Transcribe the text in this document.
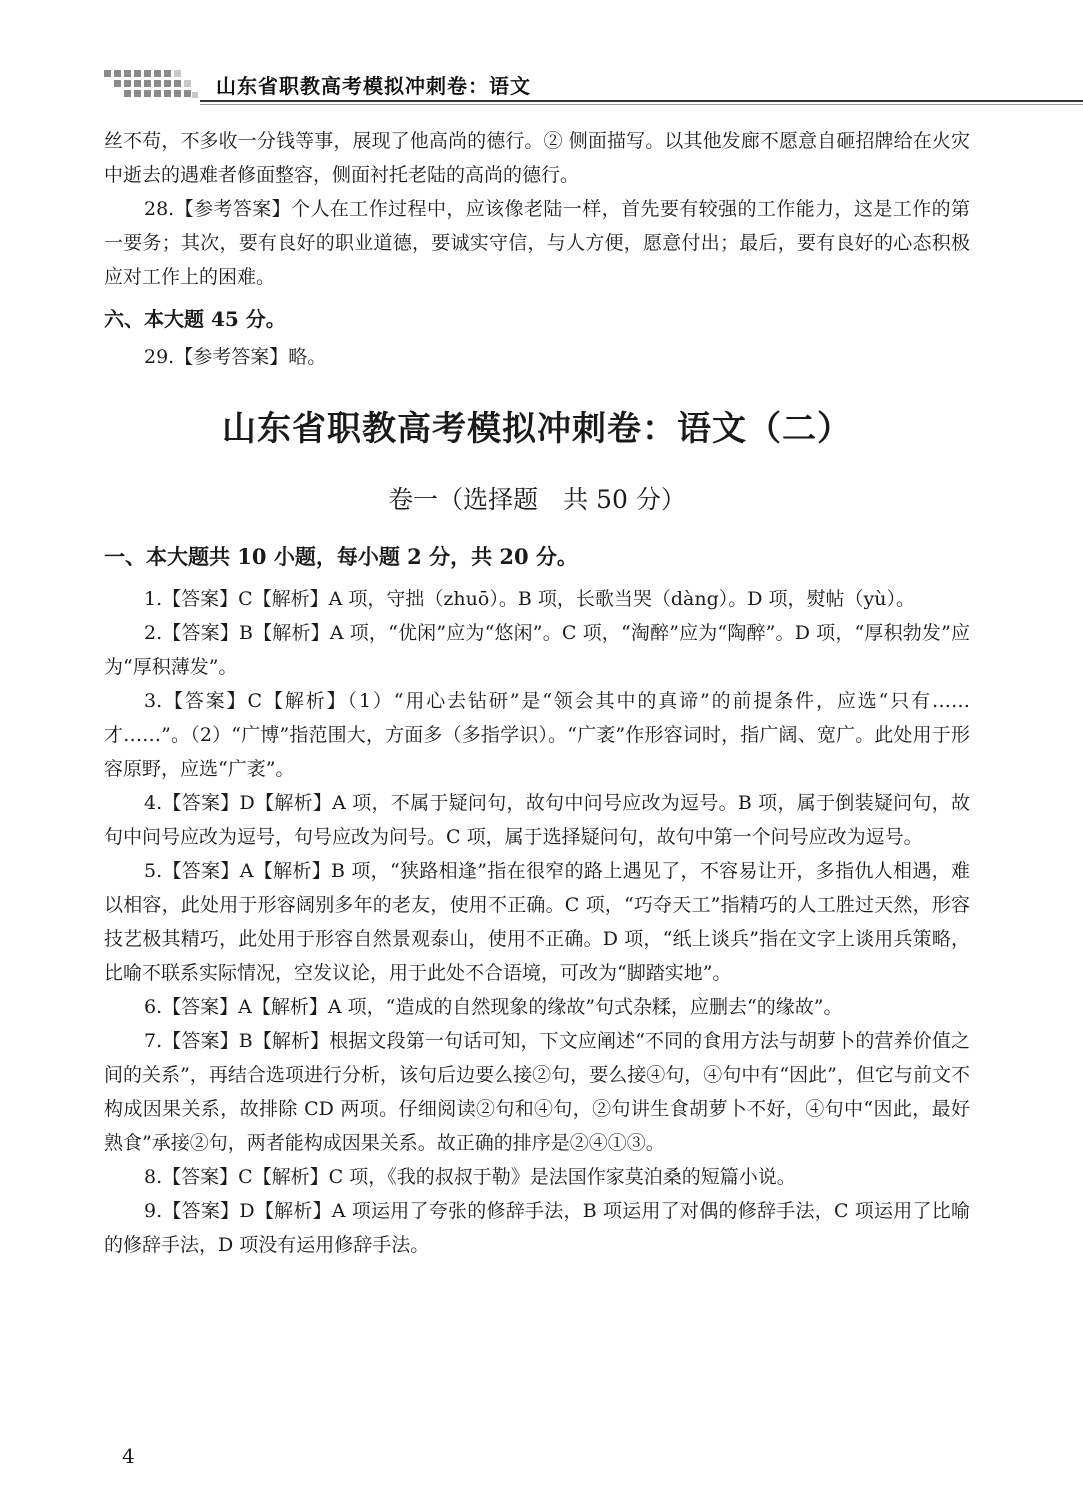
山东省职教高考模拟冲刺卷：语文

丝不苟，不多收一分钱等事，展现了他高尚的德行。② 侧面描写。以其他发廊不愿意自砸招牌给在火灾中逝去的遇难者修面整容，侧面衬托老陆的高尚的德行。

28.【参考答案】个人在工作过程中，应该像老陆一样，首先要有较强的工作能力，这是工作的第一要务；其次，要有良好的职业道德，要诚实守信，与人方便，愿意付出；最后，要有良好的心态积极应对工作上的困难。

六、本大题 45 分。

29.【参考答案】略。

山东省职教高考模拟冲刺卷：语文（二）
卷一（选择题　共 50 分）
一、本大题共 10 小题，每小题 2 分，共 20 分。

1.【答案】C【解析】A 项，守拙（zhuō）。B 项，长歌当哭（dàng）。D 项，熨帖（yù）。

2.【答案】B【解析】A 项，“优闲”应为“悠闲”。C 项，“淘醉”应为“陶醉”。D 项，“厚积勃发”应为“厚积薄发”。

3.【答案】C【解析】（1）“用心去钻研”是“领会其中的真谛”的前提条件，应选“只有……才……”。（2）“广博”指范围大，方面多（多指学识）。“广袤”作形容词时，指广阔、宽广。此处用于形容原野，应选“广袤”。

4.【答案】D【解析】A 项，不属于疑问句，故句中问号应改为逗号。B 项，属于倒装疑问句，故句中问号应改为逗号，句号应改为问号。C 项，属于选择疑问句，故句中第一个问号应改为逗号。

5.【答案】A【解析】B 项，“狭路相逢”指在很窄的路上遇见了，不容易让开，多指仇人相遇，难以相容，此处用于形容阔别多年的老友，使用不正确。C 项，“巧夺天工”指精巧的人工胜过天然，形容技艺极其精巧，此处用于形容自然景观泰山，使用不正确。D 项，“纸上谈兵”指在文字上谈用兵策略，比喻不联系实际情况，空发议论，用于此处不合语境，可改为“脚踏实地”。

6.【答案】A【解析】A 项，“造成的自然现象的缘故”句式杂糅，应删去“的缘故”。

7.【答案】B【解析】根据文段第一句话可知，下文应阐述“不同的食用方法与胡萝卜的营养价值之间的关系”，再结合选项进行分析，该句后边要么接②句，要么接④句，④句中有“因此”，但它与前文不构成因果关系，故排除 CD 两项。仔细阅读②句和④句，②句讲生食胡萝卜不好，④句中“因此，最好熟食”承接②句，两者能构成因果关系。故正确的排序是②④①③。

8.【答案】C【解析】C 项，《我的叔叔于勒》是法国作家莫泊桑的短篇小说。

9.【答案】D【解析】A 项运用了夸张的修辞手法，B 项运用了对偶的修辞手法，C 项运用了比喻的修辞手法，D 项没有运用修辞手法。

4
